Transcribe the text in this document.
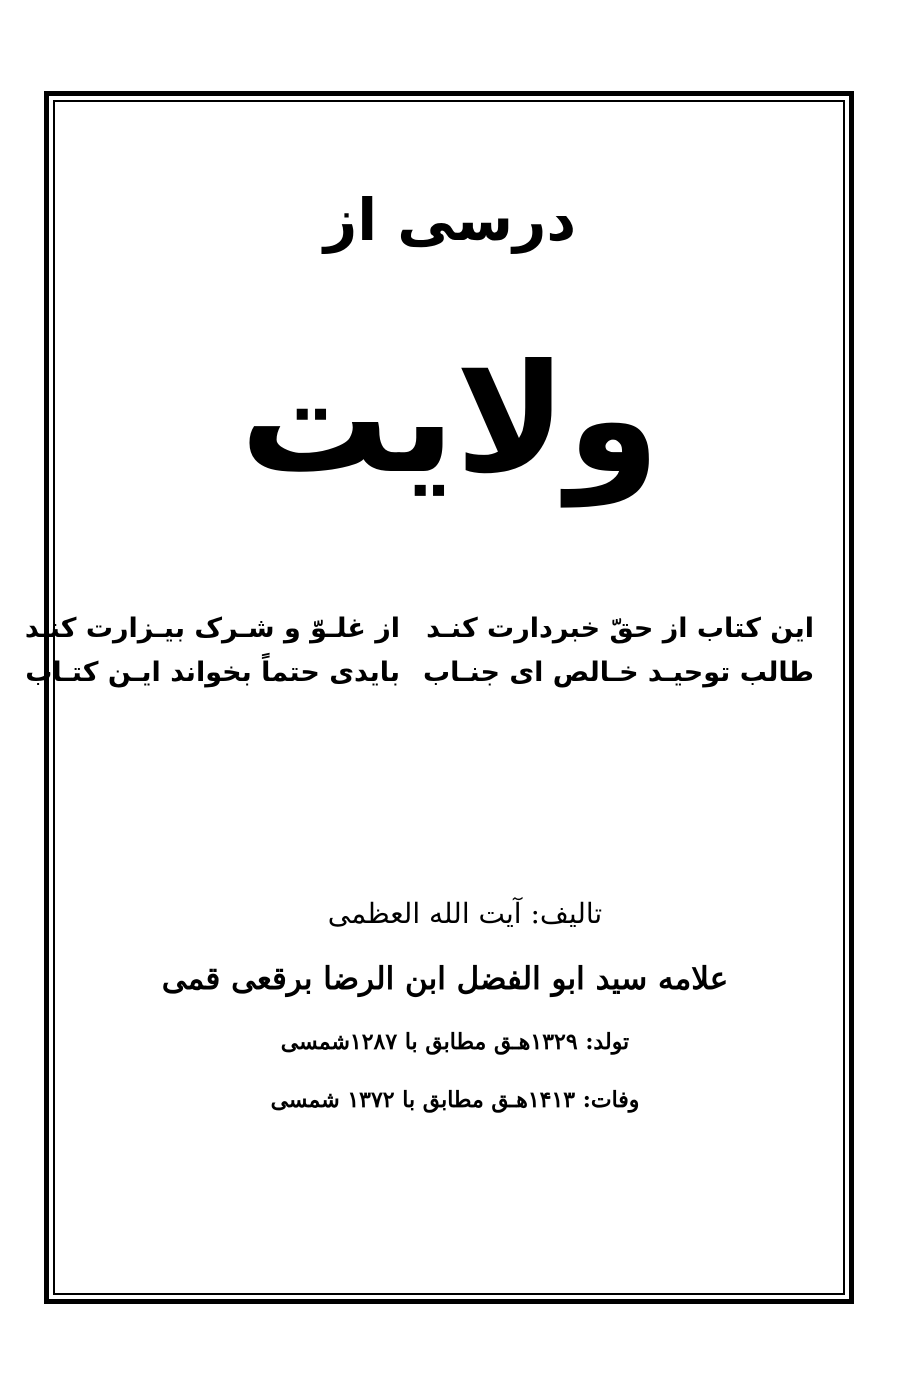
درسی از
ولایت
این کتاب از حقّ خبردارت کنـد
طالب توحیـد خـالص ای جنـاب
از غلـوّ و شـرک بیـزارت کنـد
بایدی حتماً بخواند ایـن کتـاب
تالیف: آیت الله العظمی
علامه سید ابو الفضل ابن الرضا برقعی قمی
تولد: ۱۳۲۹هـ‍ق مطابق با ۱۲۸۷شمسی
وفات: ۱۴۱۳هـ‍ق مطابق با ۱۳۷۲ شمسی
